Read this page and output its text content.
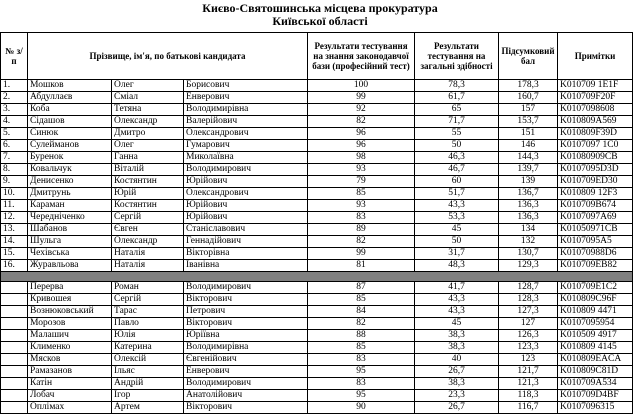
Києво-Святошинська місцева прокуратура
Київської області
№ з/п	Прізвище, ім'я, по батькові кандидата			Результати тестування на знання законодавчої бази (професійний тест)	Результати тестування на загальні здібності	Підсумковий бал	Примітки
1.	Мошков	Олег	Борисович	100	78,3	178,3	K010709 1E1F
2.	Абдуллаєв	Сміал	Енверович	99	61,7	160,7	K010709F20F
3.	Коба	Тетяна	Володимирівна	92	65	157	K0107098608
4.	Сідашов	Олександр	Валерійович	82	71,7	153,7	K010809A569
5.	Синюк	Дмитро	Олександрович	96	55	151	K010809F39D
6.	Сулейманов	Олег	Гумарович	96	50	146	K0107097 1C0
7.	Буренок	Ганна	Миколаївна	98	46,3	144,3	K01080909CB
8.	Ковальчук	Віталій	Володимирович	93	46,7	139,7	K0107095D3D
9.	Денисенко	Костянтин	Юрійович	79	60	139	K010709ED30
10.	Дмитрунь	Юрій	Олександрович	85	51,7	136,7	K010809 12F3
11.	Караман	Костянтин	Юрійович	93	43,3	136,3	K010709B674
12.	Чередніченко	Сергій	Юрійович	83	53,3	136,3	K0107097A69
13.	Шабанов	Євген	Станіславович	89	45	134	K01050971CB
14.	Шульга	Олександр	Геннадійович	82	50	132	K0107095A5
15.	Чехівська	Наталія	Вікторівна	99	31,7	130,7	K01070988D6
16.	Журавльова	Наталія	Іванівна	81	48,3	129,3	K010709EB82

	Перерва	Роман	Володимирович	87	41,7	128,7	K010709E1C2
	Кривошея	Сергій	Вікторович	85	43,3	128,3	K010809C96F
	Вознюковський	Тарас	Петрович	84	43,3	127,3	K010809 4471
	Морозов	Павло	Вікторович	82	45	127	K0107095954
	Малашич	Юлія	Юріївна	88	38,3	126,3	K010509 4917
	Клименко	Катерина	Володимирівна	85	38,3	123,3	K010809 4145
	Мясков	Олексій	Євгенійович	83	40	123	K010809EACA
	Рамазанов	Ільяс	Енверович	95	26,7	121,7	K010809C81D
	Катін	Андрій	Володимирович	83	38,3	121,3	K010709A534
	Лобач	Ігор	Анатолійович	95	23,3	118,3	K010709D4BF
	Оплімах	Артем	Вікторович	90	26,7	116,7	K0107096315
